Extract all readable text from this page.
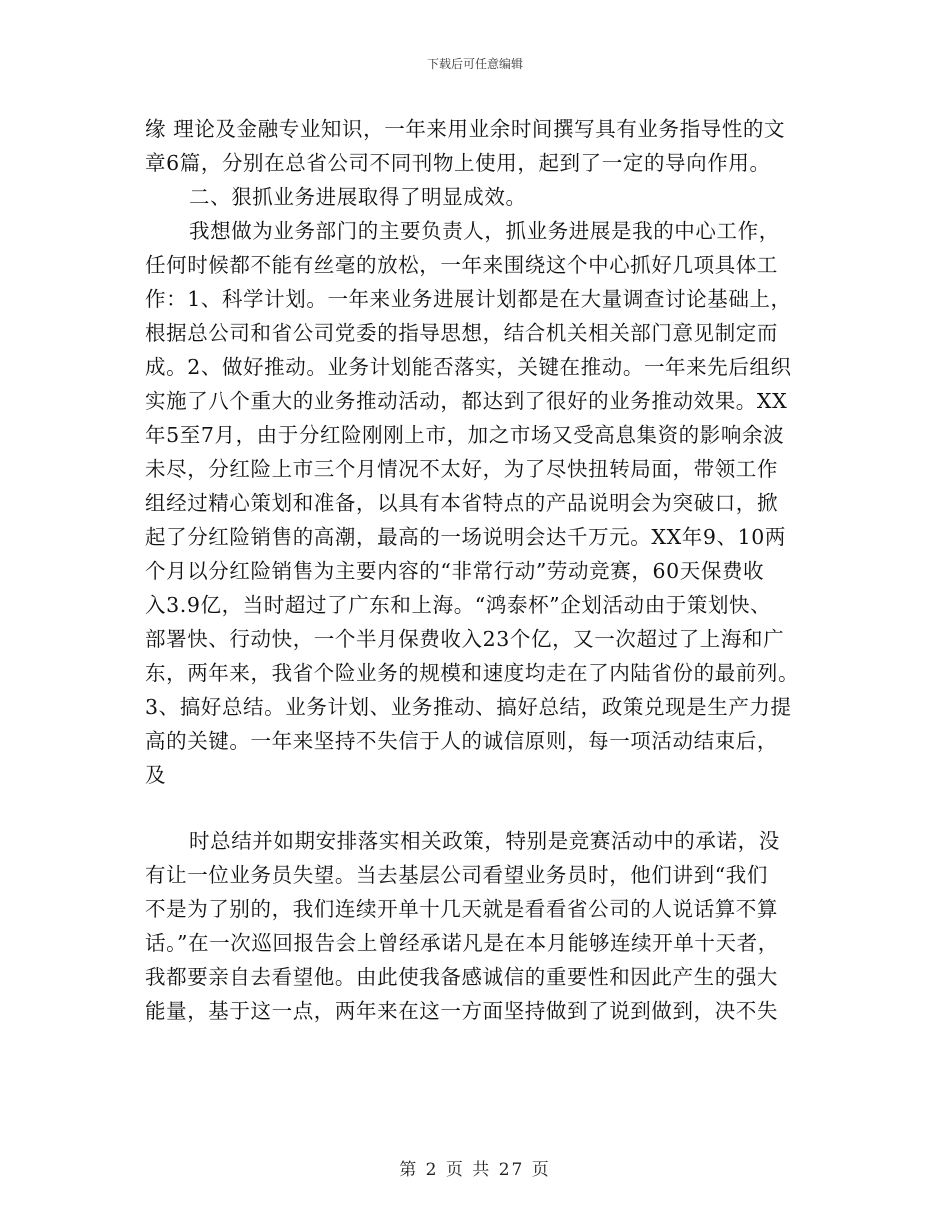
下载后可任意编辑
缘 理论及金融专业知识，一年来用业余时间撰写具有业务指导性的文
章6篇，分别在总省公司不同刊物上使用，起到了一定的导向作用。
二、狠抓业务进展取得了明显成效。
我想做为业务部门的主要负责人，抓业务进展是我的中心工作，
任何时候都不能有丝毫的放松，一年来围绕这个中心抓好几项具体工
作：1、科学计划。一年来业务进展计划都是在大量调查讨论基础上，
根据总公司和省公司党委的指导思想，结合机关相关部门意见制定而
成。2、做好推动。业务计划能否落实，关键在推动。一年来先后组织
实施了八个重大的业务推动活动，都达到了很好的业务推动效果。XX
年5至7月，由于分红险刚刚上市，加之市场又受高息集资的影响余波
未尽，分红险上市三个月情况不太好，为了尽快扭转局面，带领工作
组经过精心策划和准备，以具有本省特点的产品说明会为突破口，掀
起了分红险销售的高潮，最高的一场说明会达千万元。XX年9、10两
个月以分红险销售为主要内容的“非常行动”劳动竞赛，60天保费收
入3.9亿，当时超过了广东和上海。“鸿泰杯”企划活动由于策划快、
部署快、行动快，一个半月保费收入23个亿，又一次超过了上海和广
东，两年来，我省个险业务的规模和速度均走在了内陆省份的最前列。
3、搞好总结。业务计划、业务推动、搞好总结，政策兑现是生产力提
高的关键。一年来坚持不失信于人的诚信原则，每一项活动结束后，
及
时总结并如期安排落实相关政策，特别是竞赛活动中的承诺，没
有让一位业务员失望。当去基层公司看望业务员时，他们讲到“我们
不是为了别的，我们连续开单十几天就是看看省公司的人说话算不算
话。”在一次巡回报告会上曾经承诺凡是在本月能够连续开单十天者，
我都要亲自去看望他。由此使我备感诚信的重要性和因此产生的强大
能量，基于这一点，两年来在这一方面坚持做到了说到做到，决不失
第 2 页 共 27 页
